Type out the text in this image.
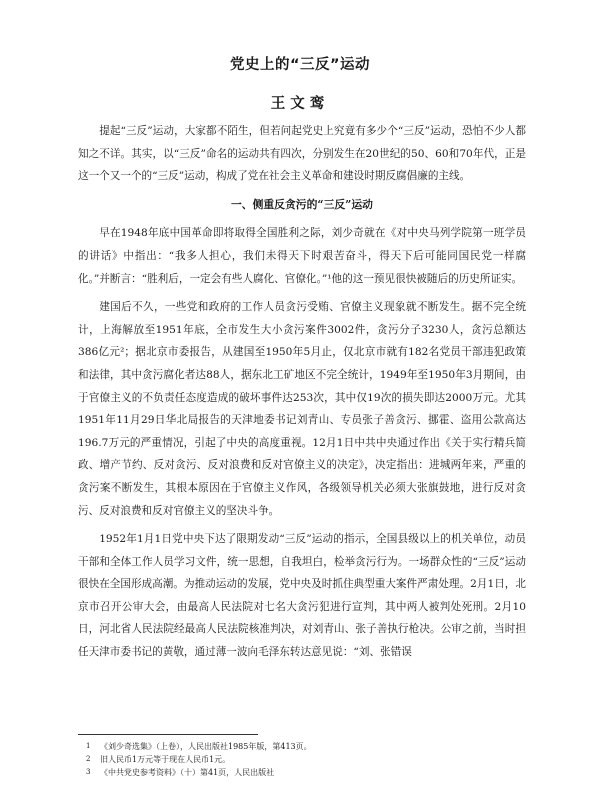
党史上的“三反”运动
王文鸾

提起“三反”运动，大家都不陌生，但若问起党史上究竟有多少个“三反”运动，恐怕不少人都知之不详。其实，以“三反”命名的运动共有四次，分别发生在20世纪的50、60和70年代，正是这一个又一个的“三反”运动，构成了党在社会主义革命和建设时期反腐倡廉的主线。

一、侧重反贪污的“三反”运动

早在1948年底中国革命即将取得全国胜利之际，刘少奇就在《对中央马列学院第一班学员的讲话》中指出：“我多人担心，我们未得天下时艰苦奋斗，得天下后可能同国民党一样腐化。”并断言：“胜利后，一定会有些人腐化、官僚化。”¹他的这一预见很快被随后的历史所证实。

建国后不久，一些党和政府的工作人员贪污受贿、官僚主义现象就不断发生。据不完全统计，上海解放至1951年底，全市发生大小贪污案件3002件，贪污分子3230人，贪污总额达386亿元²；据北京市委报告，从建国至1950年5月止，仅北京市就有182名党员干部违犯政策和法律，其中贪污腐化者达88人，据东北工矿地区不完全统计，1949年至1950年3月期间，由于官僚主义的不负责任态度造成的破坏事件达253次，其中仅19次的损失即达2000万元。尤其1951年11月29日华北局报告的天津地委书记刘青山、专员张子善贪污、挪霍、盗用公款高达196.7万元的严重情况，引起了中央的高度重视。12月1日中共中央通过作出《关于实行精兵简政、增产节约、反对贪污、反对浪费和反对官僚主义的决定》，决定指出：进城两年来，严重的贪污案不断发生，其根本原因在于官僚主义作风，各级领导机关必须大张旗鼓地，进行反对贪污、反对浪费和反对官僚主义的坚决斗争。

1952年1月1日党中央下达了限期发动“三反”运动的指示，全国县级以上的机关单位，动员干部和全体工作人员学习文件，统一思想，自我坦白，检举贪污行为。一场群众性的“三反”运动很快在全国形成高潮。为推动运动的发展，党中央及时抓住典型重大案件严肃处理。2月1日，北京市召开公审大会，由最高人民法院对七名大贪污犯进行宣判，其中两人被判处死刑。2月10日，河北省人民法院经最高人民法院核准判决，对刘青山、张子善执行枪决。公审之前，当时担任天津市委书记的黄敬，通过薄一波向毛泽东转达意见说：“刘、张错误

1 《刘少奇选集》（上卷），人民出版社1985年版，第413页。
2 旧人民币1万元等于现在人民币1元。
3 《中共党史参考资料》（十）第41页，人民出版社
